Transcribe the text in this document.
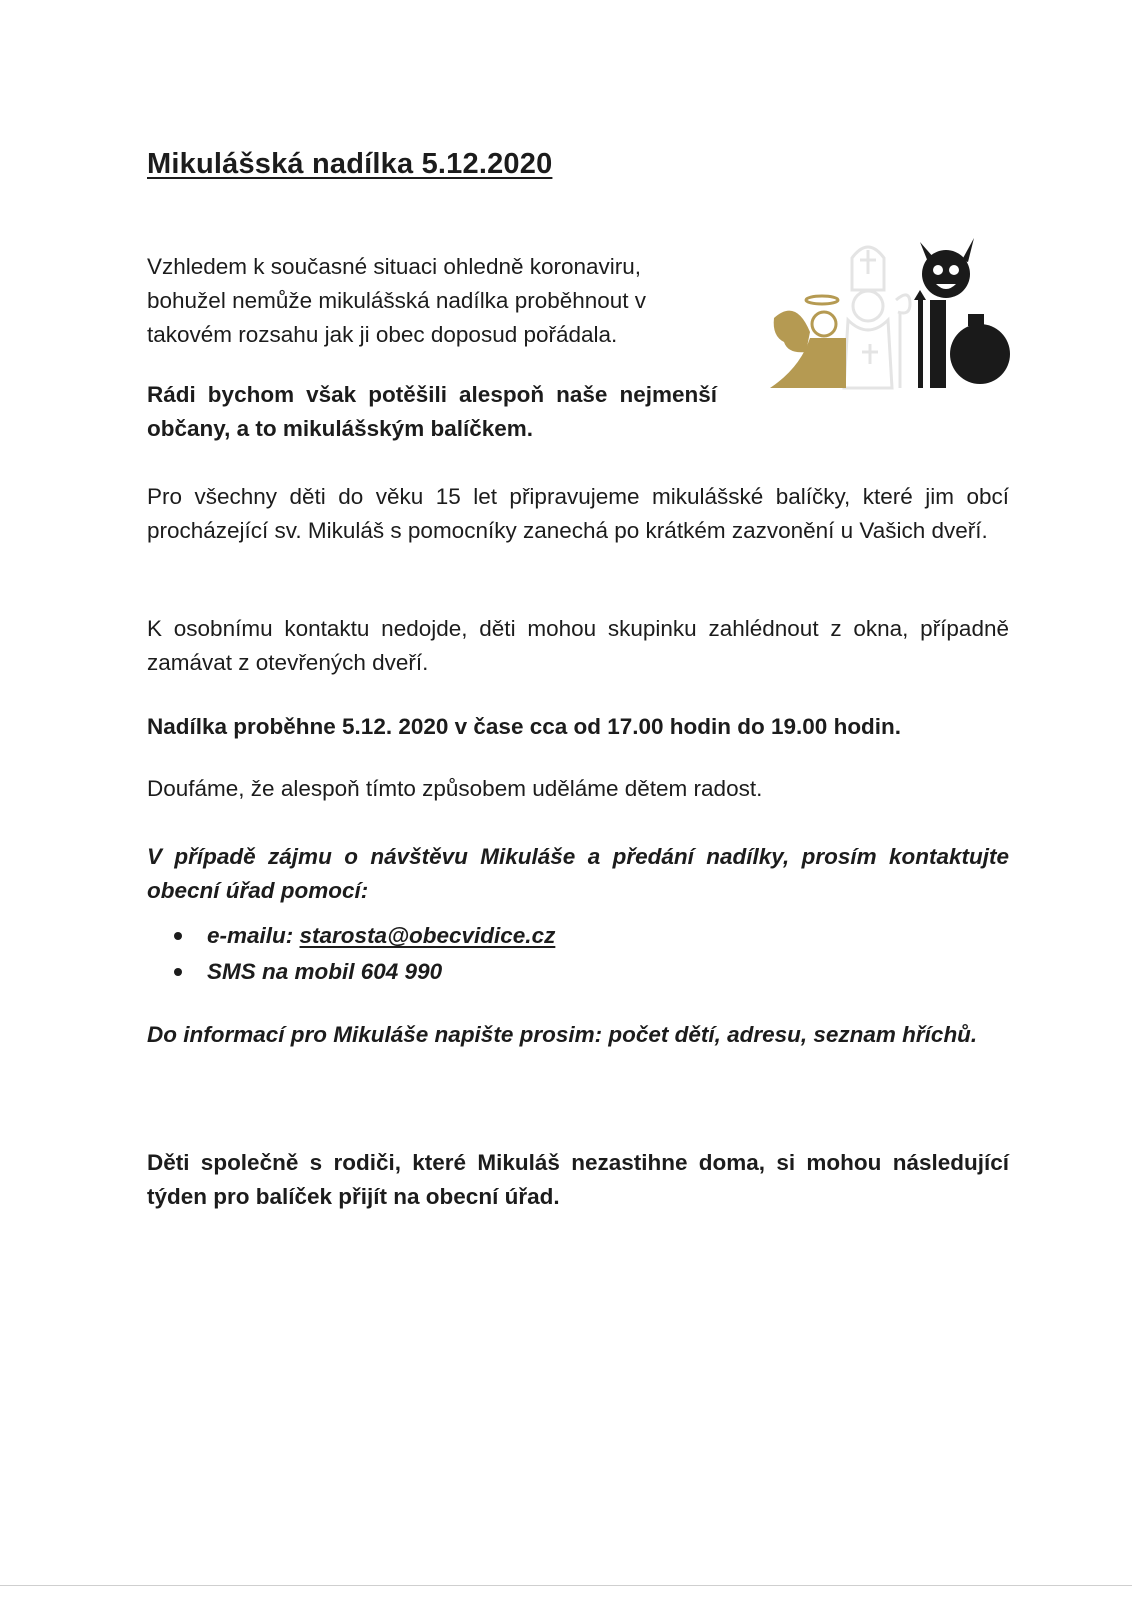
Mikulášská nadílka 5.12.2020

Vzhledem k současné situaci ohledně koronaviru, bohužel nemůže mikulášská nadílka proběhnout v takovém rozsahu jak ji obec doposud pořádala.

Rádi bychom však potěšili alespoň naše nejmenší občany, a to mikulášským balíčkem.

Pro všechny děti do věku 15 let připravujeme mikulášské balíčky, které jim obcí procházející sv. Mikuláš s pomocníky zanechá po krátkém zazvonění u Vašich dveří.

K osobnímu kontaktu nedojde, děti mohou skupinku zahlédnout z okna, případně zamávat z otevřených dveří.

Nadílka proběhne 5.12. 2020 v čase cca od 17.00 hodin do 19.00 hodin.

Doufáme, že alespoň tímto způsobem uděláme dětem radost.

V případě zájmu o návštěvu Mikuláše a předání nadílky, prosím kontaktujte obecní úřad pomocí:

e-mailu: starosta@obecvidice.cz
SMS na mobil 604 990

Do informací pro Mikuláše napište prosim: počet dětí, adresu, seznam hříchů.

Děti společně s rodiči, které Mikuláš nezastihne doma, si mohou následující týden pro balíček přijít na obecní úřad.
